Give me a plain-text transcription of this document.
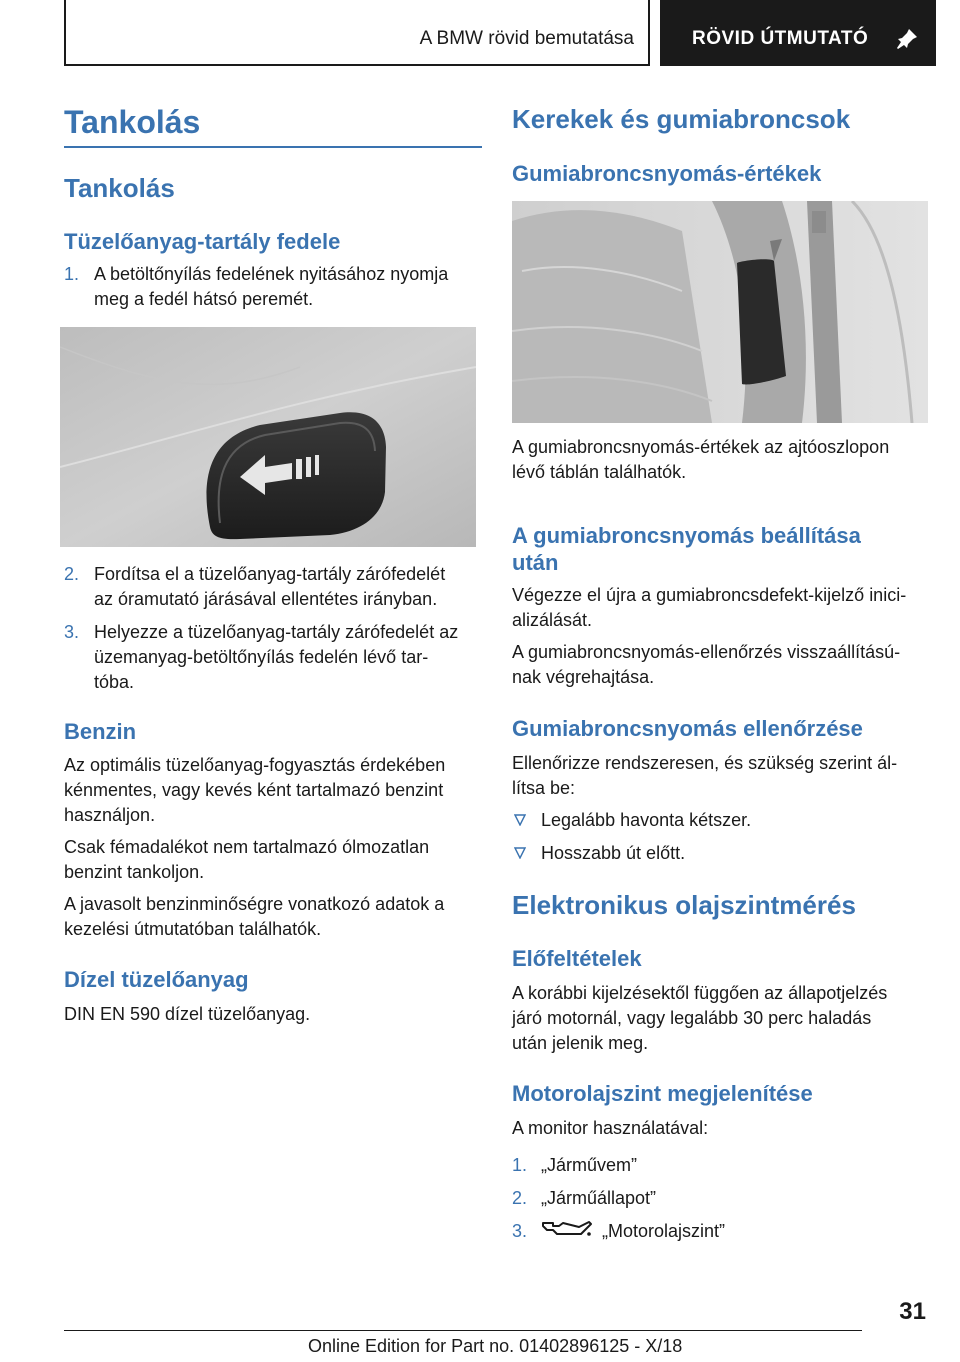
A BMW rövid bemutatása	RÖVID ÚTMUTATÓ
Tankolás
Tankolás
Tüzelőanyag-tartály fedele
1. A betöltőnyílás fedelének nyitásához nyomja
meg a fedél hátsó peremét.
2. Fordítsa el a tüzelőanyag-tartály zárófedelét
az óramutató járásával ellentétes irányban.
3. Helyezze a tüzelőanyag-tartály zárófedelét az
üzemanyag-betöltőnyílás fedelén lévő tar-
tóba.
Benzin
Az optimális tüzelőanyag-fogyasztás érdekében
kénmentes, vagy kevés ként tartalmazó benzint
használjon.
Csak fémadalékot nem tartalmazó ólmozatlan
benzint tankoljon.
A javasolt benzinminőségre vonatkozó adatok a
kezelési útmutatóban találhatók.
Dízel tüzelőanyag
DIN EN 590 dízel tüzelőanyag.
Kerekek és gumiabroncsok
Gumiabroncsnyomás-értékek
A gumiabroncsnyomás-értékek az ajtóoszlopon
lévő táblán találhatók.
A gumiabroncsnyomás beállítása
után
Végezze el újra a gumiabroncsdefekt-kijelző inici-
alizálását.
A gumiabroncsnyomás-ellenőrzés visszaállítású-
nak végrehajtása.
Gumiabroncsnyomás ellenőrzése
Ellenőrizze rendszeresen, és szükség szerint ál-
lítsa be:
Legalább havonta kétszer.
Hosszabb út előtt.
Elektronikus olajszintmérés
Előfeltételek
A korábbi kijelzésektől függően az állapotjelzés
járó motornál, vagy legalább 30 perc haladás
után jelenik meg.
Motorolajszint megjelenítése
A monitor használatával:
1. „Járművem”
2. „Járműállapot”
3.	„Motorolajszint”
31
Online Edition for Part no. 01402896125 - X/18
